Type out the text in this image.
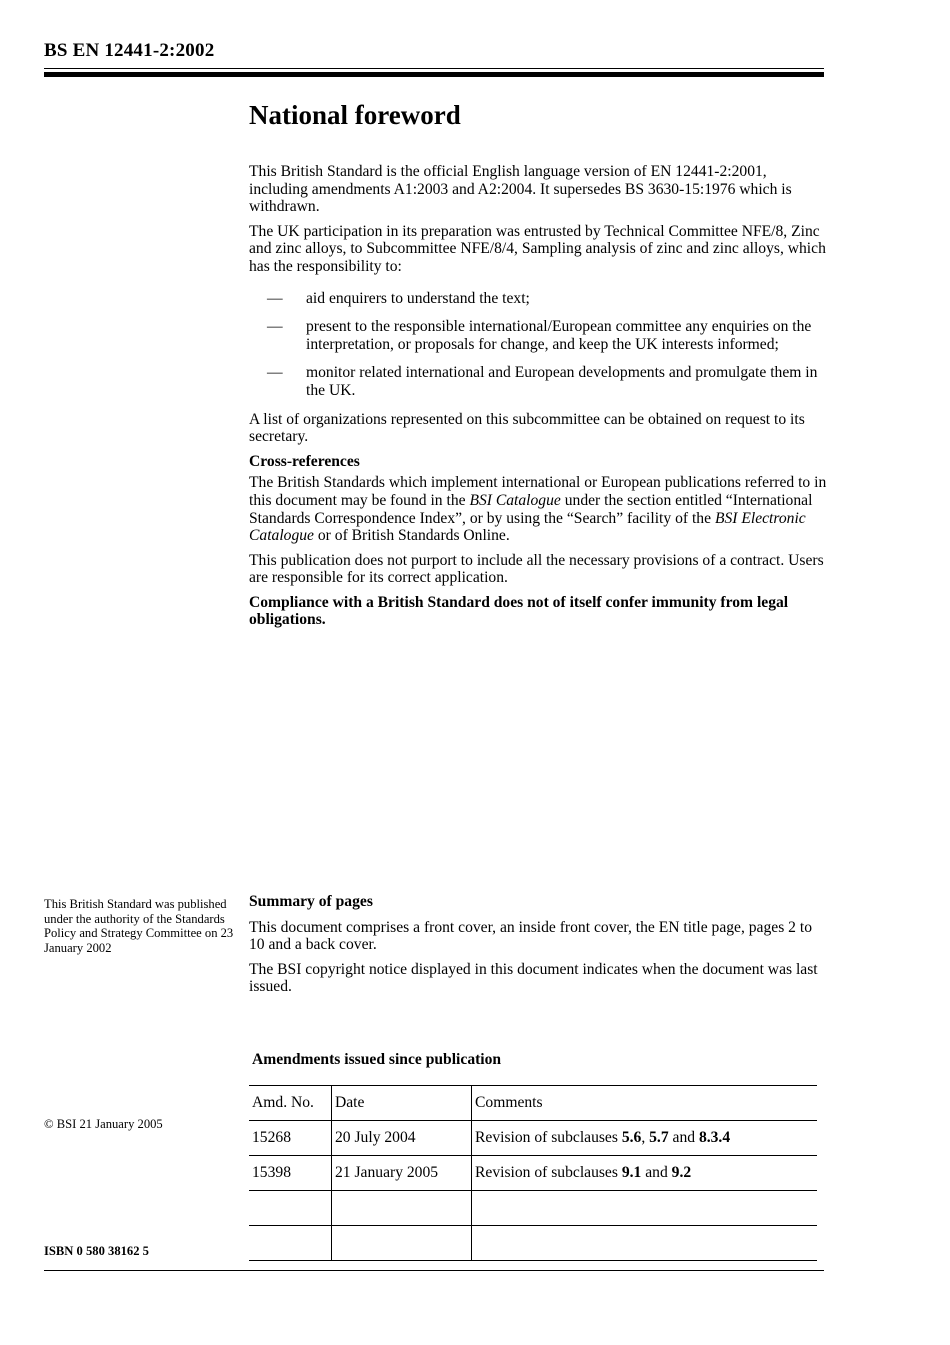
BS EN 12441-2:2002
National foreword

This British Standard is the official English language version of EN 12441-2:2001, including amendments A1:2003 and A2:2004. It supersedes BS 3630-15:1976 which is withdrawn.

The UK participation in its preparation was entrusted by Technical Committee NFE/8, Zinc and zinc alloys, to Subcommittee NFE/8/4, Sampling analysis of zinc and zinc alloys, which has the responsibility to:

— aid enquirers to understand the text;
— present to the responsible international/European committee any enquiries on the interpretation, or proposals for change, and keep the UK interests informed;
— monitor related international and European developments and promulgate them in the UK.

A list of organizations represented on this subcommittee can be obtained on request to its secretary.

Cross-references

The British Standards which implement international or European publications referred to in this document may be found in the BSI Catalogue under the section entitled “International Standards Correspondence Index”, or by using the “Search” facility of the BSI Electronic Catalogue or of British Standards Online.

This publication does not purport to include all the necessary provisions of a contract. Users are responsible for its correct application.

Compliance with a British Standard does not of itself confer immunity from legal obligations.

This British Standard was published under the authority of the Standards Policy and Strategy Committee on 23 January 2002

Summary of pages

This document comprises a front cover, an inside front cover, the EN title page, pages 2 to 10 and a back cover.

The BSI copyright notice displayed in this document indicates when the document was last issued.

© BSI 21 January 2005
Amendments issued since publication
Amd. No.	Date	Comments
15268	20 July 2004	Revision of subclauses 5.6, 5.7 and 8.3.4
15398	21 January 2005	Revision of subclauses 9.1 and 9.2

ISBN 0 580 38162 5
